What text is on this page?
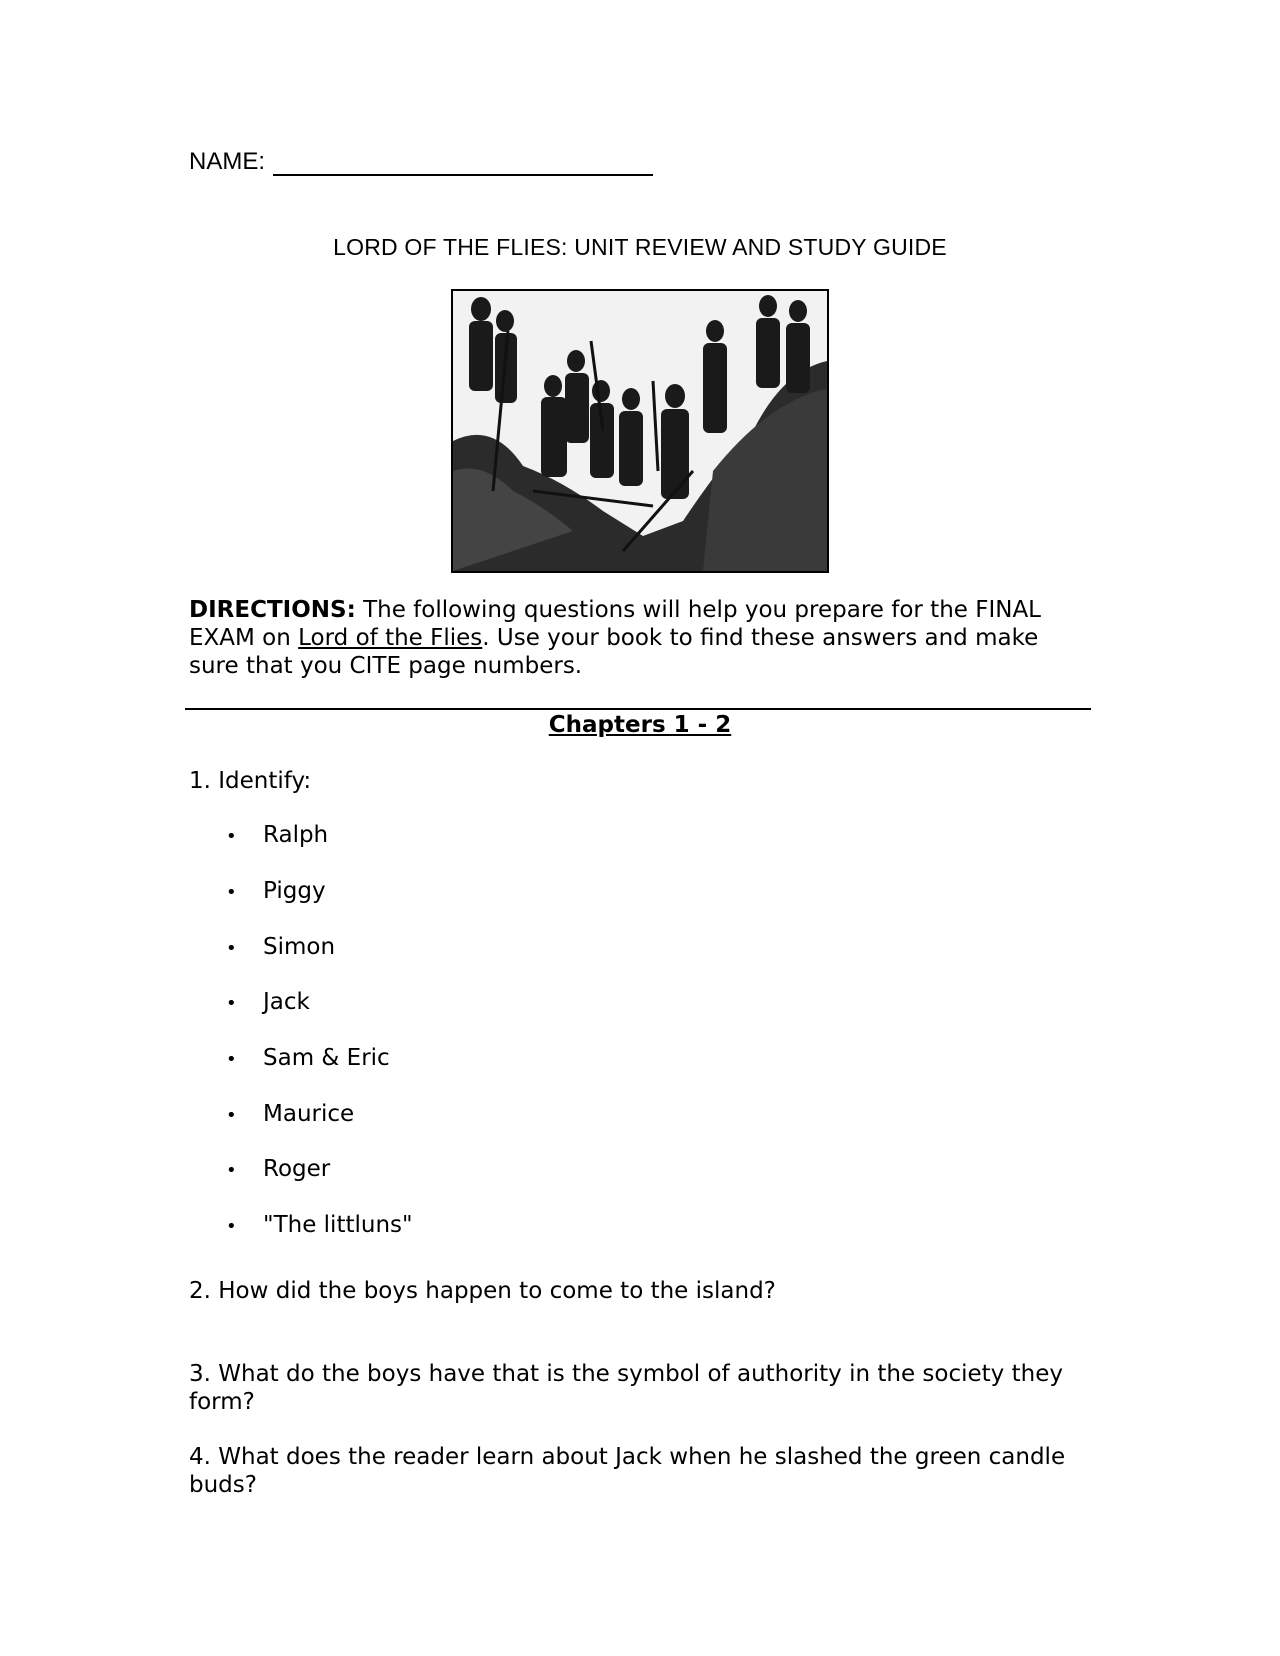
NAME:
LORD OF THE FLIES: UNIT REVIEW AND STUDY GUIDE
DIRECTIONS: The following questions will help you prepare for the FINAL EXAM on Lord of the Flies. Use your book to find these answers and make sure that you CITE page numbers.
Chapters 1 - 2
1. Identify:
• Ralph
• Piggy
• Simon
• Jack
• Sam & Eric
• Maurice
• Roger
• "The littluns"
2. How did the boys happen to come to the island?
3. What do the boys have that is the symbol of authority in the society they form?
4. What does the reader learn about Jack when he slashed the green candle buds?
